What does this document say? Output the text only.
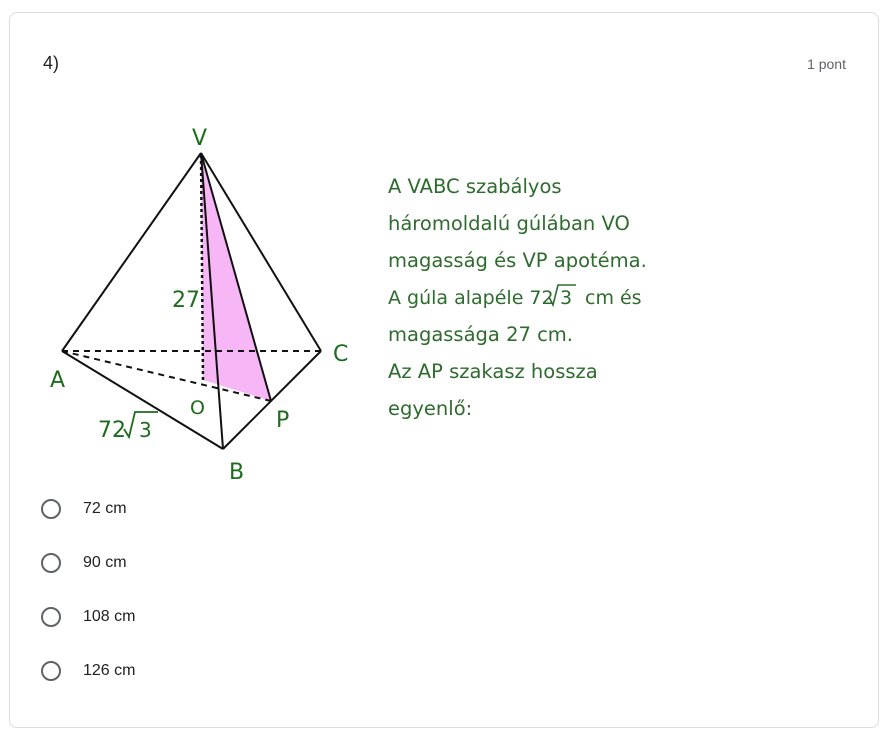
4)	1 pont
V
A
C
B
O	P
27
72 3
A VABC szabályos
háromoldalú gúlában VO
magasság és VP apotéma.
A gúla alapéle 72 3 cm és
magassága 27 cm.
Az AP szakasz hossza
egyenlő:
72 cm
90 cm
108 cm
126 cm
